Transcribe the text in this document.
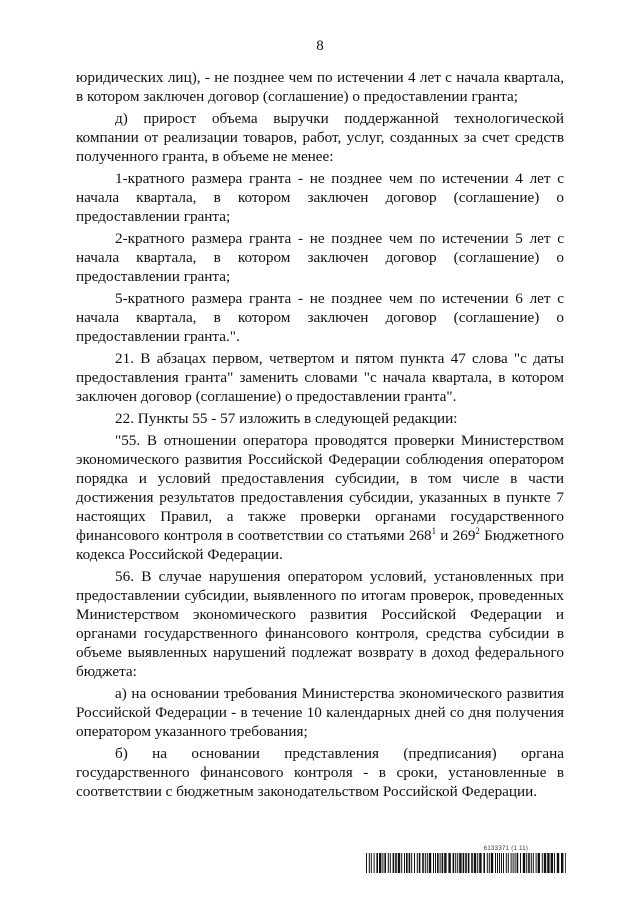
8

юридических лиц), - не позднее чем по истечении 4 лет с начала квартала, в котором заключен договор (соглашение) о предоставлении гранта;

д) прирост объема выручки поддержанной технологической компании от реализации товаров, работ, услуг, созданных за счет средств полученного гранта, в объеме не менее:

1-кратного размера гранта - не позднее чем по истечении 4 лет с начала квартала, в котором заключен договор (соглашение) о предоставлении гранта;

2-кратного размера гранта - не позднее чем по истечении 5 лет с начала квартала, в котором заключен договор (соглашение) о предоставлении гранта;

5-кратного размера гранта - не позднее чем по истечении 6 лет с начала квартала, в котором заключен договор (соглашение) о предоставлении гранта.".

21. В абзацах первом, четвертом и пятом пункта 47 слова "с даты предоставления гранта" заменить словами "с начала квартала, в котором заключен договор (соглашение) о предоставлении гранта".

22. Пункты 55 - 57 изложить в следующей редакции:

"55. В отношении оператора проводятся проверки Министерством экономического развития Российской Федерации соблюдения оператором порядка и условий предоставления субсидии, в том числе в части достижения результатов предоставления субсидии, указанных в пункте 7 настоящих Правил, а также проверки органами государственного финансового контроля в соответствии со статьями $268^1$ и $269^2$ Бюджетного кодекса Российской Федерации.

56. В случае нарушения оператором условий, установленных при предоставлении субсидии, выявленного по итогам проверок, проведенных Министерством экономического развития Российской Федерации и органами государственного финансового контроля, средства субсидии в объеме выявленных нарушений подлежат возврату в доход федерального бюджета:

а) на основании требования Министерства экономического развития Российской Федерации - в течение 10 календарных дней со дня получения оператором указанного требования;

б) на основании представления (предписания) органа государственного финансового контроля - в сроки, установленные в соответствии с бюджетным законодательством Российской Федерации.

6133371 (1.11)
